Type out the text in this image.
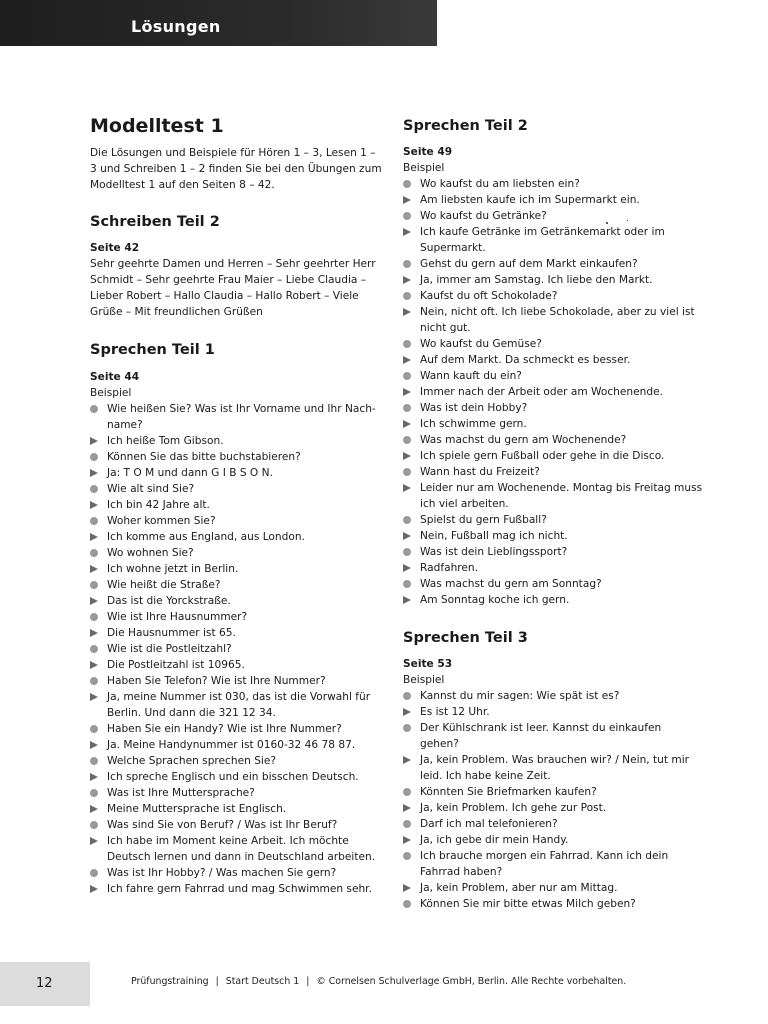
Lösungen
Modelltest 1
Die Lösungen und Beispiele für Hören 1 – 3, Lesen 1 – 3 und Schreiben 1 – 2 finden Sie bei den Übungen zum Modelltest 1 auf den Seiten 8 – 42.
Schreiben Teil 2
Seite 42
Sehr geehrte Damen und Herren – Sehr geehrter Herr Schmidt – Sehr geehrte Frau Maier – Liebe Claudia – Lieber Robert – Hallo Claudia – Hallo Robert – Viele Grüße – Mit freundlichen Grüßen
Sprechen Teil 1
Seite 44
Beispiel
Wie heißen Sie? Was ist Ihr Vorname und Ihr Nach- name?
Ich heiße Tom Gibson.
Können Sie das bitte buchstabieren?
Ja: T O M und dann G I B S O N.
Wie alt sind Sie?
Ich bin 42 Jahre alt.
Woher kommen Sie?
Ich komme aus England, aus London.
Wo wohnen Sie?
Ich wohne jetzt in Berlin.
Wie heißt die Straße?
Das ist die Yorckstraße.
Wie ist Ihre Hausnummer?
Die Hausnummer ist 65.
Wie ist die Postleitzahl?
Die Postleitzahl ist 10965.
Haben Sie Telefon? Wie ist Ihre Nummer?
Ja, meine Nummer ist 030, das ist die Vorwahl für Berlin. Und dann die 321 12 34.
Haben Sie ein Handy? Wie ist Ihre Nummer?
Ja. Meine Handynummer ist 0160-32 46 78 87.
Welche Sprachen sprechen Sie?
Ich spreche Englisch und ein bisschen Deutsch.
Was ist Ihre Muttersprache?
Meine Muttersprache ist Englisch.
Was sind Sie von Beruf? / Was ist Ihr Beruf?
Ich habe im Moment keine Arbeit. Ich möchte Deutsch lernen und dann in Deutschland arbeiten.
Was ist Ihr Hobby? / Was machen Sie gern?
Ich fahre gern Fahrrad und mag Schwimmen sehr.
Sprechen Teil 2
Seite 49
Beispiel
Wo kaufst du am liebsten ein?
Am liebsten kaufe ich im Supermarkt ein.
Wo kaufst du Getränke?
Ich kaufe Getränke im Getränkemarkt oder im Supermarkt.
Gehst du gern auf dem Markt einkaufen?
Ja, immer am Samstag. Ich liebe den Markt.
Kaufst du oft Schokolade?
Nein, nicht oft. Ich liebe Schokolade, aber zu viel ist nicht gut.
Wo kaufst du Gemüse?
Auf dem Markt. Da schmeckt es besser.
Wann kauft du ein?
Immer nach der Arbeit oder am Wochenende.
Was ist dein Hobby?
Ich schwimme gern.
Was machst du gern am Wochenende?
Ich spiele gern Fußball oder gehe in die Disco.
Wann hast du Freizeit?
Leider nur am Wochenende. Montag bis Freitag muss ich viel arbeiten.
Spielst du gern Fußball?
Nein, Fußball mag ich nicht.
Was ist dein Lieblingssport?
Radfahren.
Was machst du gern am Sonntag?
Am Sonntag koche ich gern.
Sprechen Teil 3
Seite 53
Beispiel
Kannst du mir sagen: Wie spät ist es?
Es ist 12 Uhr.
Der Kühlschrank ist leer. Kannst du einkaufen gehen?
Ja, kein Problem. Was brauchen wir? / Nein, tut mir leid. Ich habe keine Zeit.
Könnten Sie Briefmarken kaufen?
Ja, kein Problem. Ich gehe zur Post.
Darf ich mal telefonieren?
Ja, ich gebe dir mein Handy.
Ich brauche morgen ein Fahrrad. Kann ich dein Fahrrad haben?
Ja, kein Problem, aber nur am Mittag.
Können Sie mir bitte etwas Milch geben?
12	Prüfungstraining | Start Deutsch 1 | © Cornelsen Schulverlage GmbH, Berlin. Alle Rechte vorbehalten.
